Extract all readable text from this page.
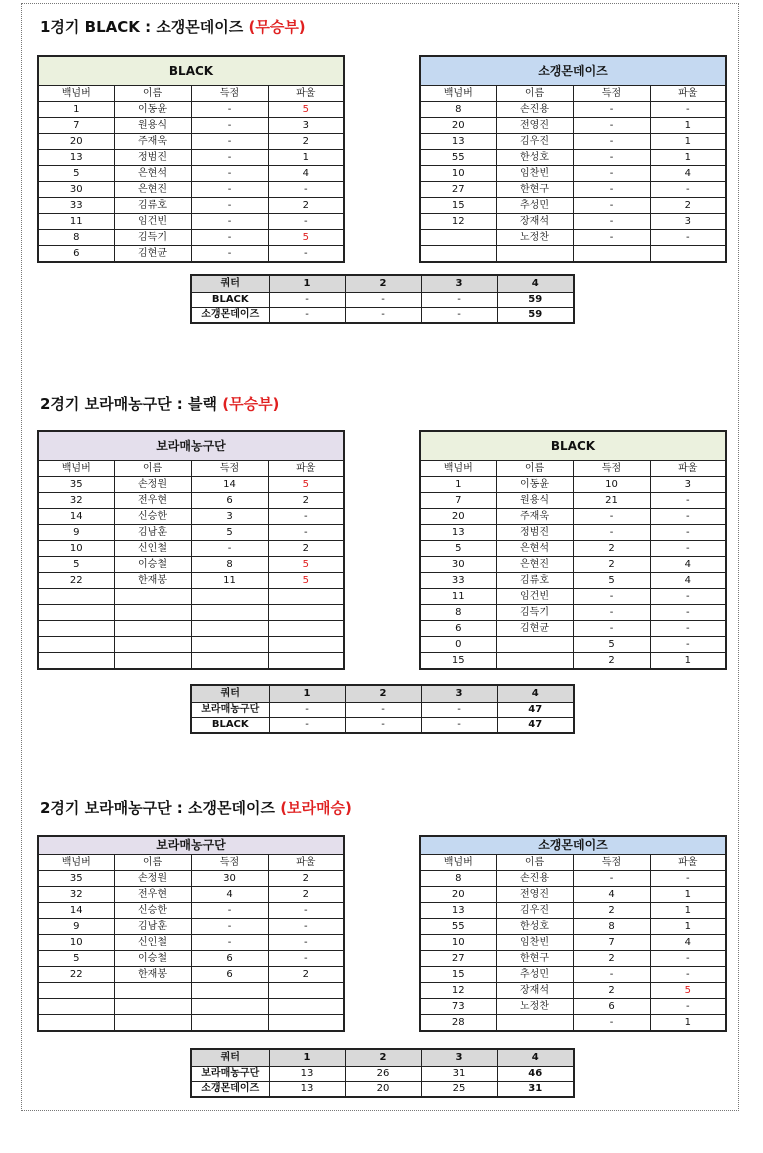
1경기 BLACK : 소갱몬데이즈 (무승부)
BLACK			
백넘버	이름	득점	파울
1	이동윤	-	5
7	원용식	-	3
20	주재욱	-	2
13	정범진	-	1
5	은현석	-	4
30	은현진	-	-
33	김류호	-	2
11	임건빈	-	-
8	김득기	-	5
6	김현균	-	-
소갱몬데이즈			
백넘버	이름	득점	파울
8	손진용	-	-
20	전영진	-	1
13	김우진	-	1
55	한성호	-	1
10	임찬빈	-	4
27	한현구	-	-
15	추성민	-	2
12	장재석	-	3
	노정찬	-	-

쿼터	1	2	3	4
BLACK	-	-	-	59
소갱몬데이즈	-	-	-	59
2경기 보라매농구단 : 블랙 (무승부)
보라매농구단			
백넘버	이름	득점	파울
35	손정원	14	5
32	전우현	6	2
14	신승한	3	-
9	김남훈	5	-
10	신인철	-	2
5	이승철	8	5
22	한재봉	11	5

BLACK			
백넘버	이름	득점	파울
1	이동윤	10	3
7	원용식	21	-
20	주재욱	-	-
13	정범진	-	-
5	은현석	2	-
30	은현진	2	4
33	김류호	5	4
11	임건빈	-	-
8	김득기	-	-
6	김현균	-	-
0		5	-
15		2	1
쿼터	1	2	3	4
보라매농구단	-	-	-	47
BLACK	-	-	-	47
2경기 보라매농구단 : 소갱몬데이즈 (보라매승)
보라매농구단			
백넘버	이름	득점	파울
35	손정원	30	2
32	전우현	4	2
14	신승한	-	-
9	김남훈	-	-
10	신인철	-	-
5	이승철	6	-
22	한재봉	6	2

소갱몬데이즈			
백넘버	이름	득점	파울
8	손진용	-	-
20	전영진	4	1
13	김우진	2	1
55	한성호	8	1
10	임찬빈	7	4
27	한현구	2	-
15	추성민	-	-
12	장재석	2	5
73	노정찬	6	-
28		-	1
쿼터	1	2	3	4
보라매농구단	13	26	31	46
소갱몬데이즈	13	20	25	31
